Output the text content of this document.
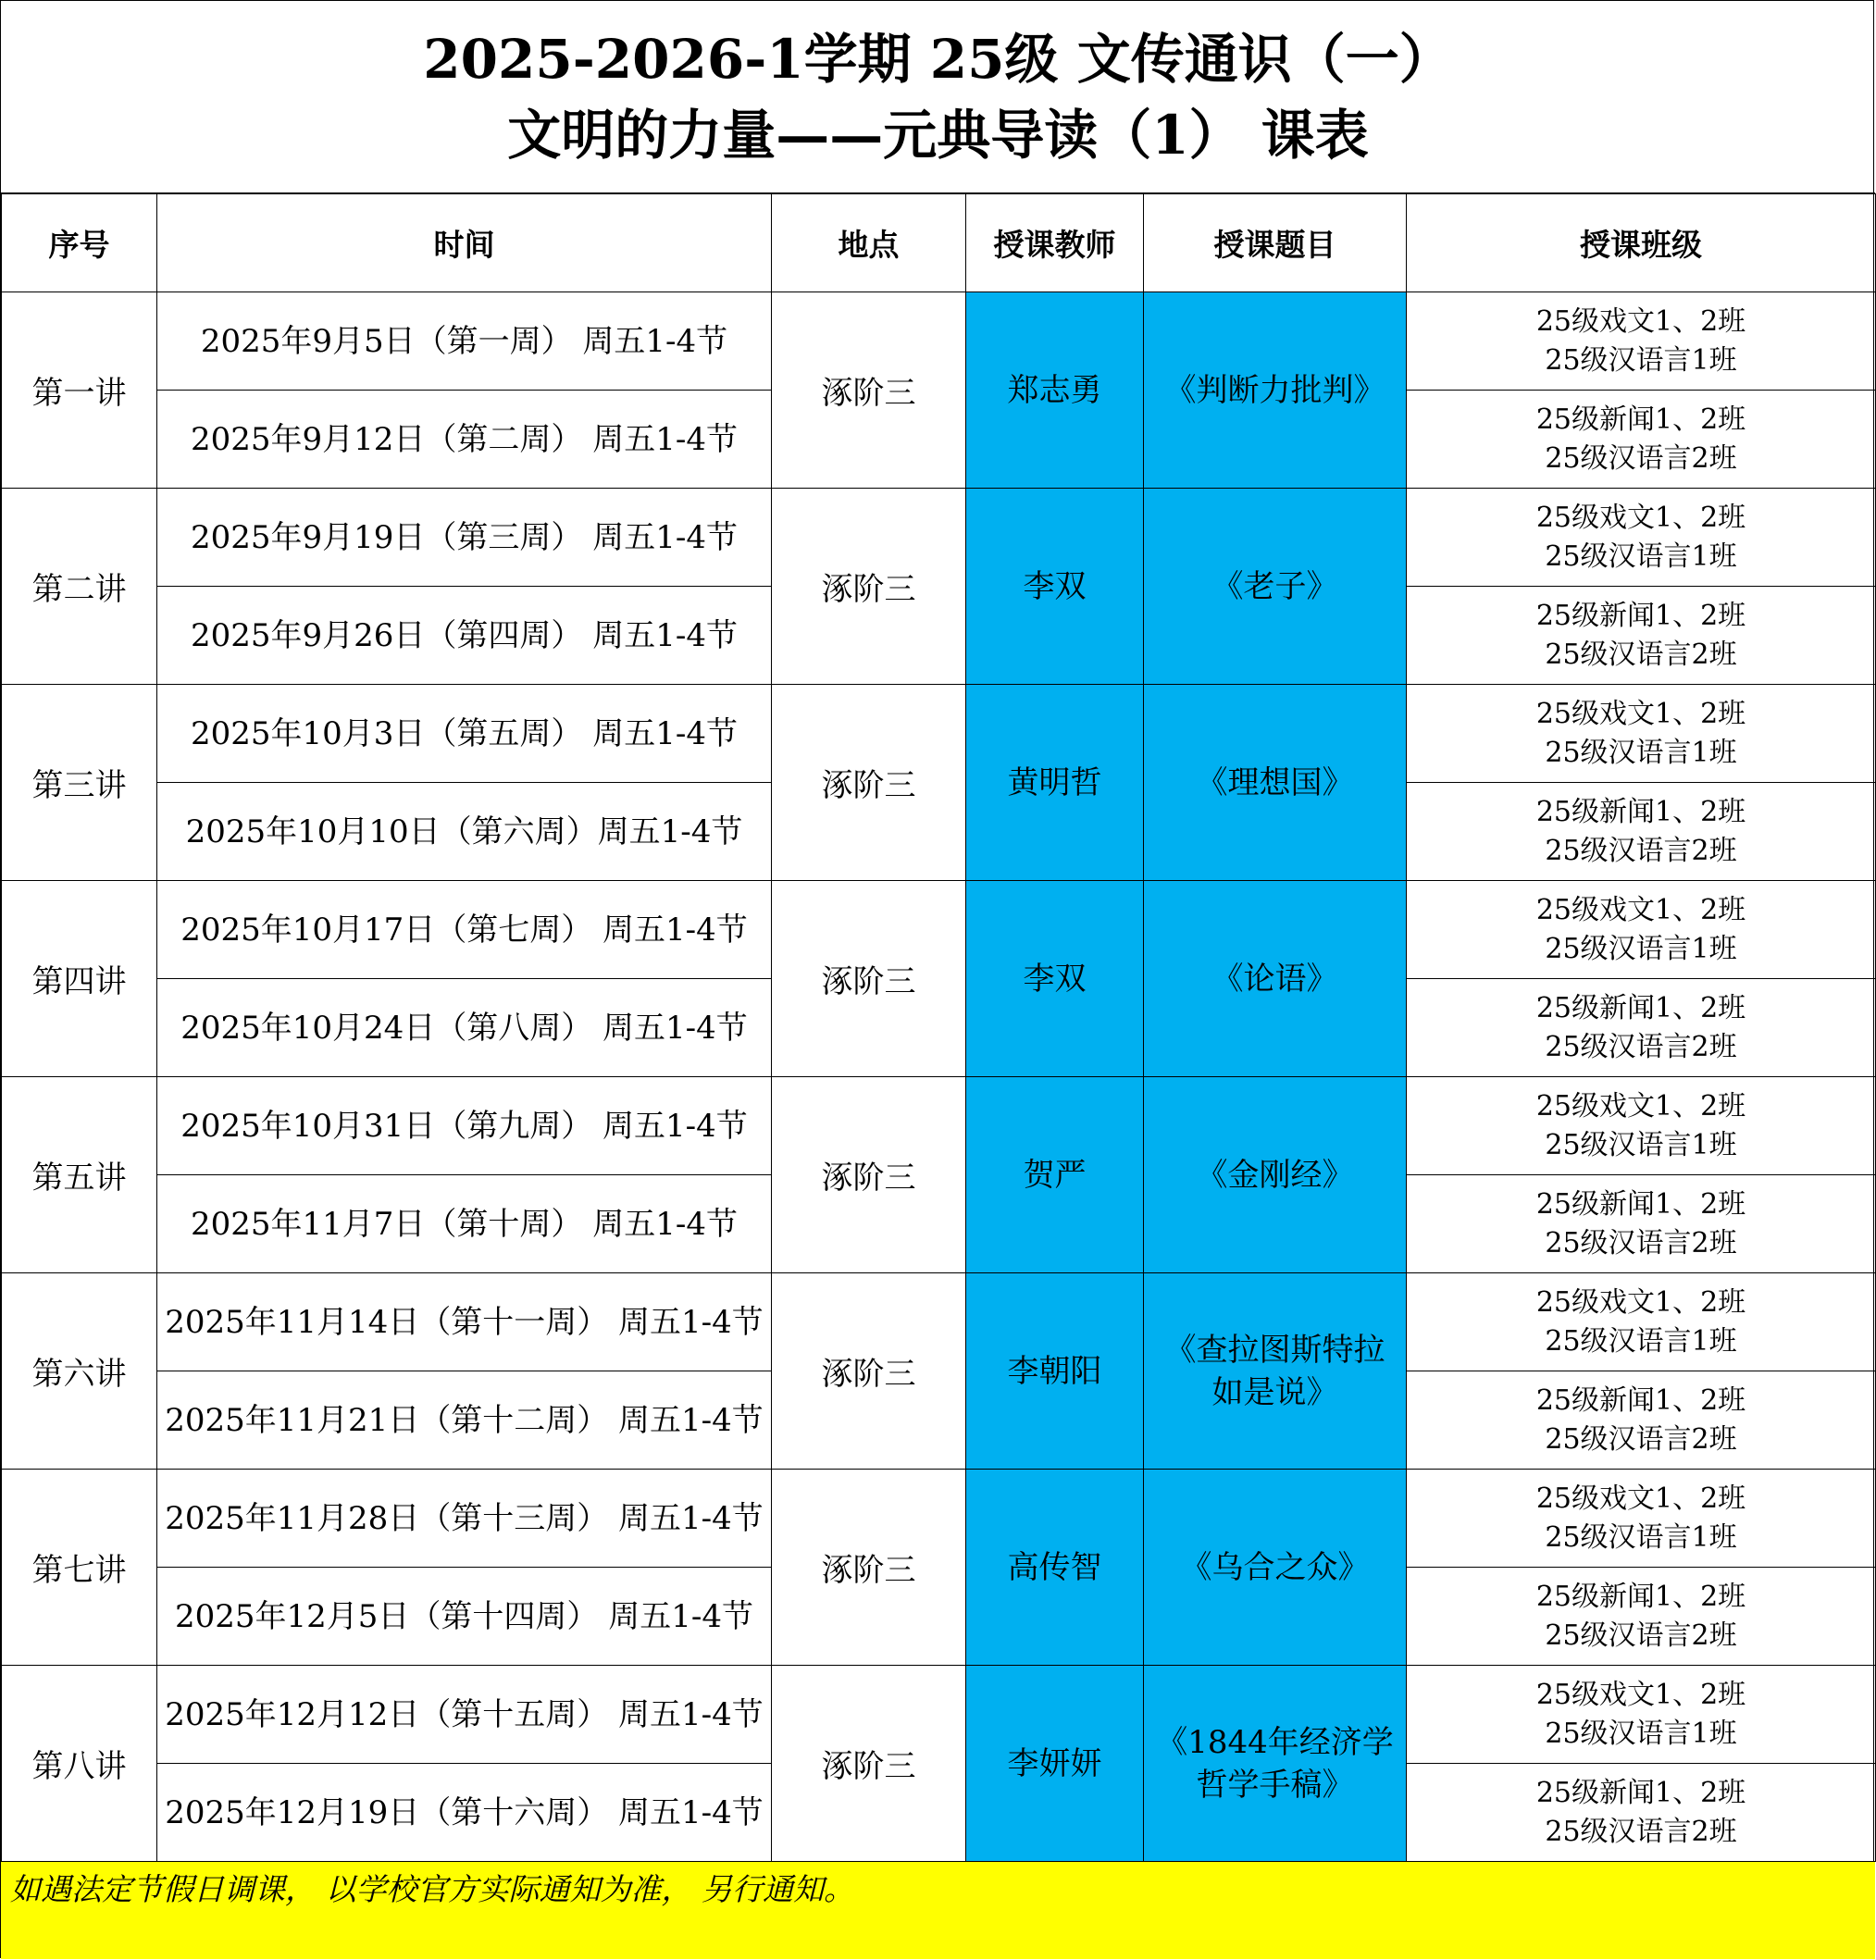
2025-2026-1学期 25级 文传通识（一）
文明的力量——元典导读（1） 课表
序号	时间	地点	授课教师	授课题目	授课班级
第一讲	2025年9月5日（第一周） 周五1-4节	涿阶三	郑志勇	《判断力批判》	25级戏文1、2班
25级汉语言1班
	2025年9月12日（第二周） 周五1-4节				25级新闻1、2班
25级汉语言2班
第二讲	2025年9月19日（第三周） 周五1-4节	涿阶三	李双	《老子》	25级戏文1、2班
25级汉语言1班
	2025年9月26日（第四周） 周五1-4节				25级新闻1、2班
25级汉语言2班
第三讲	2025年10月3日（第五周） 周五1-4节	涿阶三	黄明哲	《理想国》	25级戏文1、2班
25级汉语言1班
	2025年10月10日（第六周）周五1-4节				25级新闻1、2班
25级汉语言2班
第四讲	2025年10月17日（第七周） 周五1-4节	涿阶三	李双	《论语》	25级戏文1、2班
25级汉语言1班
	2025年10月24日（第八周） 周五1-4节				25级新闻1、2班
25级汉语言2班
第五讲	2025年10月31日（第九周） 周五1-4节	涿阶三	贺严	《金刚经》	25级戏文1、2班
25级汉语言1班
	2025年11月7日（第十周） 周五1-4节				25级新闻1、2班
25级汉语言2班
第六讲	2025年11月14日（第十一周） 周五1-4节	涿阶三	李朝阳	《查拉图斯特拉如是说》	25级戏文1、2班
25级汉语言1班
	2025年11月21日（第十二周） 周五1-4节				25级新闻1、2班
25级汉语言2班
第七讲	2025年11月28日（第十三周） 周五1-4节	涿阶三	高传智	《乌合之众》	25级戏文1、2班
25级汉语言1班
	2025年12月5日（第十四周） 周五1-4节				25级新闻1、2班
25级汉语言2班
第八讲	2025年12月12日（第十五周） 周五1-4节	涿阶三	李妍妍	《1844年经济学哲学手稿》	25级戏文1、2班
25级汉语言1班
	2025年12月19日（第十六周） 周五1-4节				25级新闻1、2班
25级汉语言2班
如遇法定节假日调课， 以学校官方实际通知为准， 另行通知。
